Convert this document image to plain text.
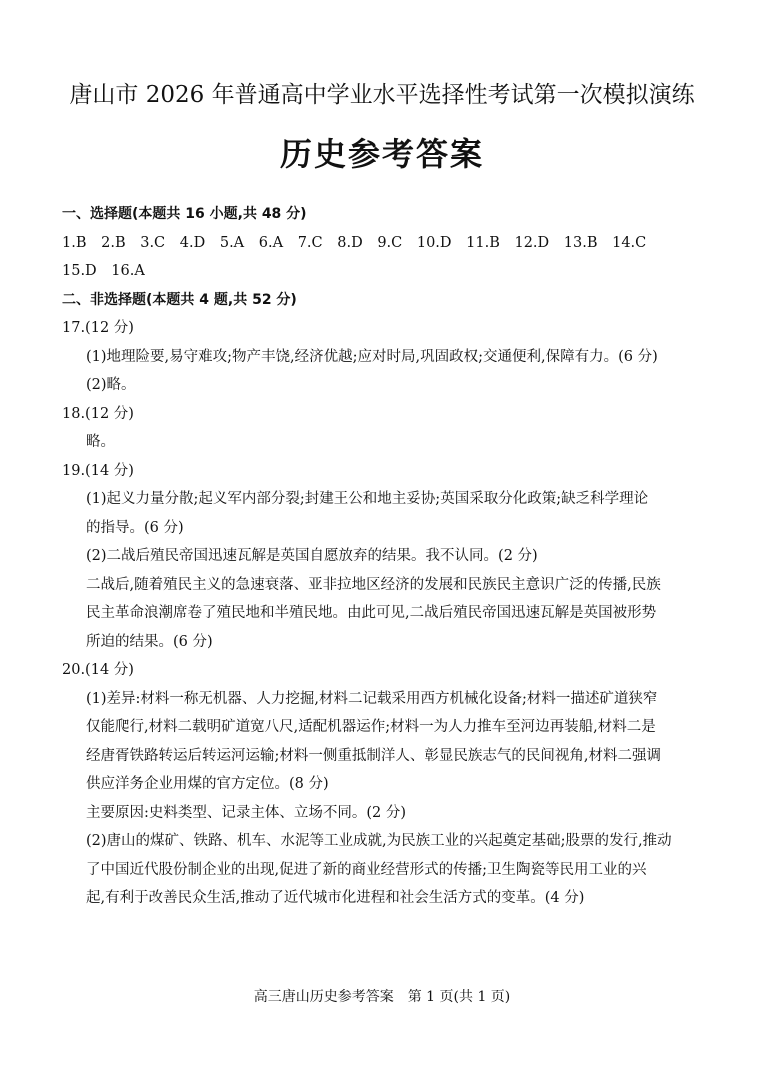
唐山市 2026 年普通高中学业水平选择性考试第一次模拟演练
历史参考答案
一、选择题(本题共 16 小题,共 48 分)
1.B 2.B 3.C 4.D 5.A 6.A 7.C 8.D 9.C 10.D 11.B 12.D 13.B 14.C
15.D 16.A
二、非选择题(本题共 4 题,共 52 分)
17.(12 分)
(1)地理险要,易守难攻;物产丰饶,经济优越;应对时局,巩固政权;交通便利,保障有力。(6 分)
(2)略。
18.(12 分)
略。
19.(14 分)
(1)起义力量分散;起义军内部分裂;封建王公和地主妥协;英国采取分化政策;缺乏科学理论
的指导。(6 分)
(2)二战后殖民帝国迅速瓦解是英国自愿放弃的结果。我不认同。(2 分)
二战后,随着殖民主义的急速衰落、亚非拉地区经济的发展和民族民主意识广泛的传播,民族
民主革命浪潮席卷了殖民地和半殖民地。由此可见,二战后殖民帝国迅速瓦解是英国被形势
所迫的结果。(6 分)
20.(14 分)
(1)差异:材料一称无机器、人力挖掘,材料二记载采用西方机械化设备;材料一描述矿道狭窄
仅能爬行,材料二载明矿道宽八尺,适配机器运作;材料一为人力推车至河边再装船,材料二是
经唐胥铁路转运后转运河运输;材料一侧重抵制洋人、彰显民族志气的民间视角,材料二强调
供应洋务企业用煤的官方定位。(8 分)
主要原因:史料类型、记录主体、立场不同。(2 分)
(2)唐山的煤矿、铁路、机车、水泥等工业成就,为民族工业的兴起奠定基础;股票的发行,推动
了中国近代股份制企业的出现,促进了新的商业经营形式的传播;卫生陶瓷等民用工业的兴
起,有利于改善民众生活,推动了近代城市化进程和社会生活方式的变革。(4 分)
高三唐山历史参考答案　第 1 页(共 1 页)
